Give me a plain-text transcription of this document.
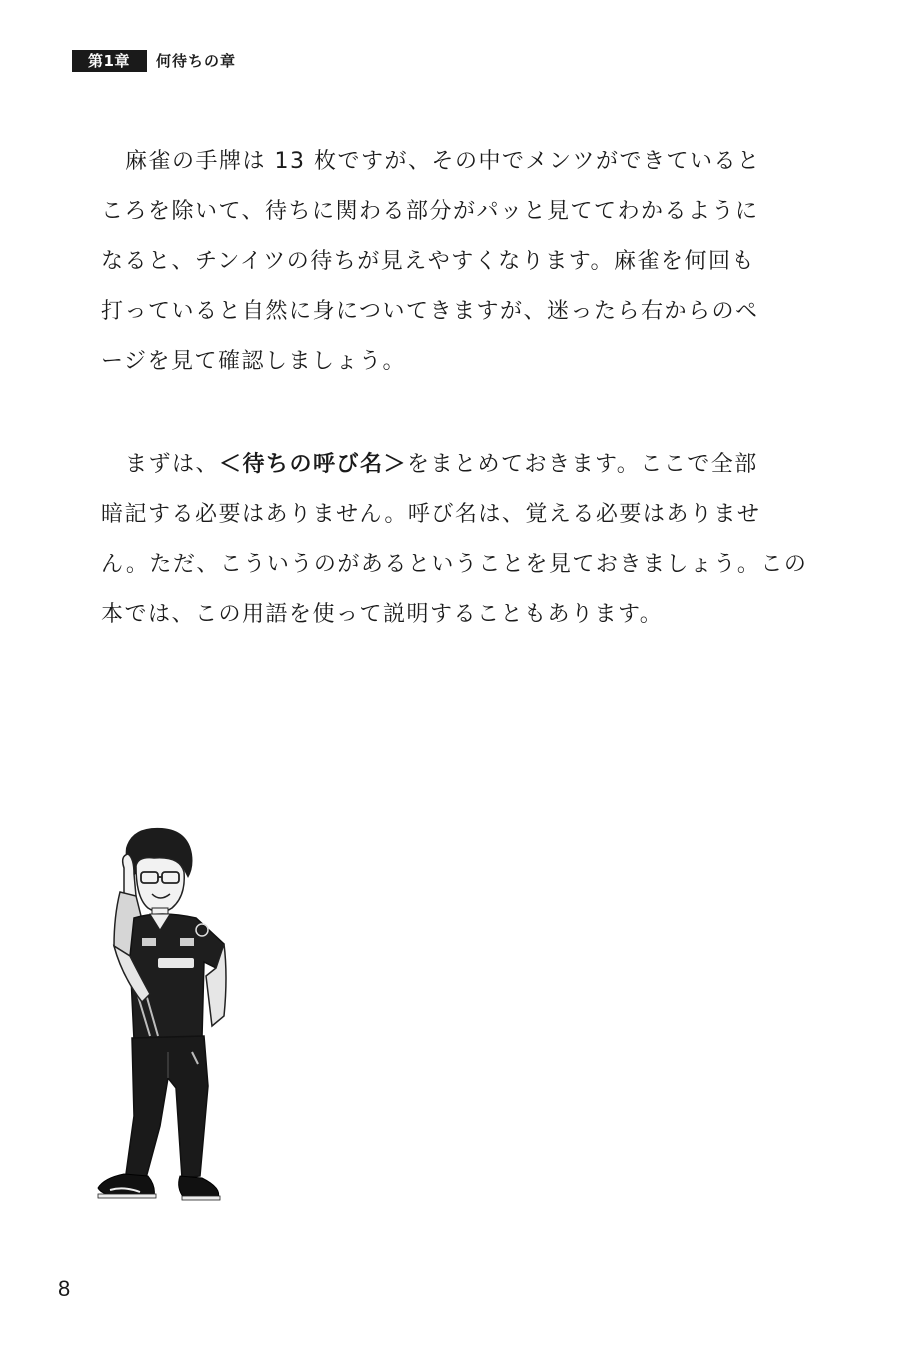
第1章	何待ちの章

麻雀の手牌は 13 枚ですが、その中でメンツができていると
ころを除いて、待ちに関わる部分がパッと見ててわかるように
なると、チンイツの待ちが見えやすくなります。麻雀を何回も
打っていると自然に身についてきますが、迷ったら右からのペ
ージを見て確認しましょう。

まずは、＜待ちの呼び名＞をまとめておきます。ここで全部
暗記する必要はありません。呼び名は、覚える必要はありませ
ん。ただ、こういうのがあるということを見ておきましょう。この
本では、この用語を使って説明することもあります。

8
